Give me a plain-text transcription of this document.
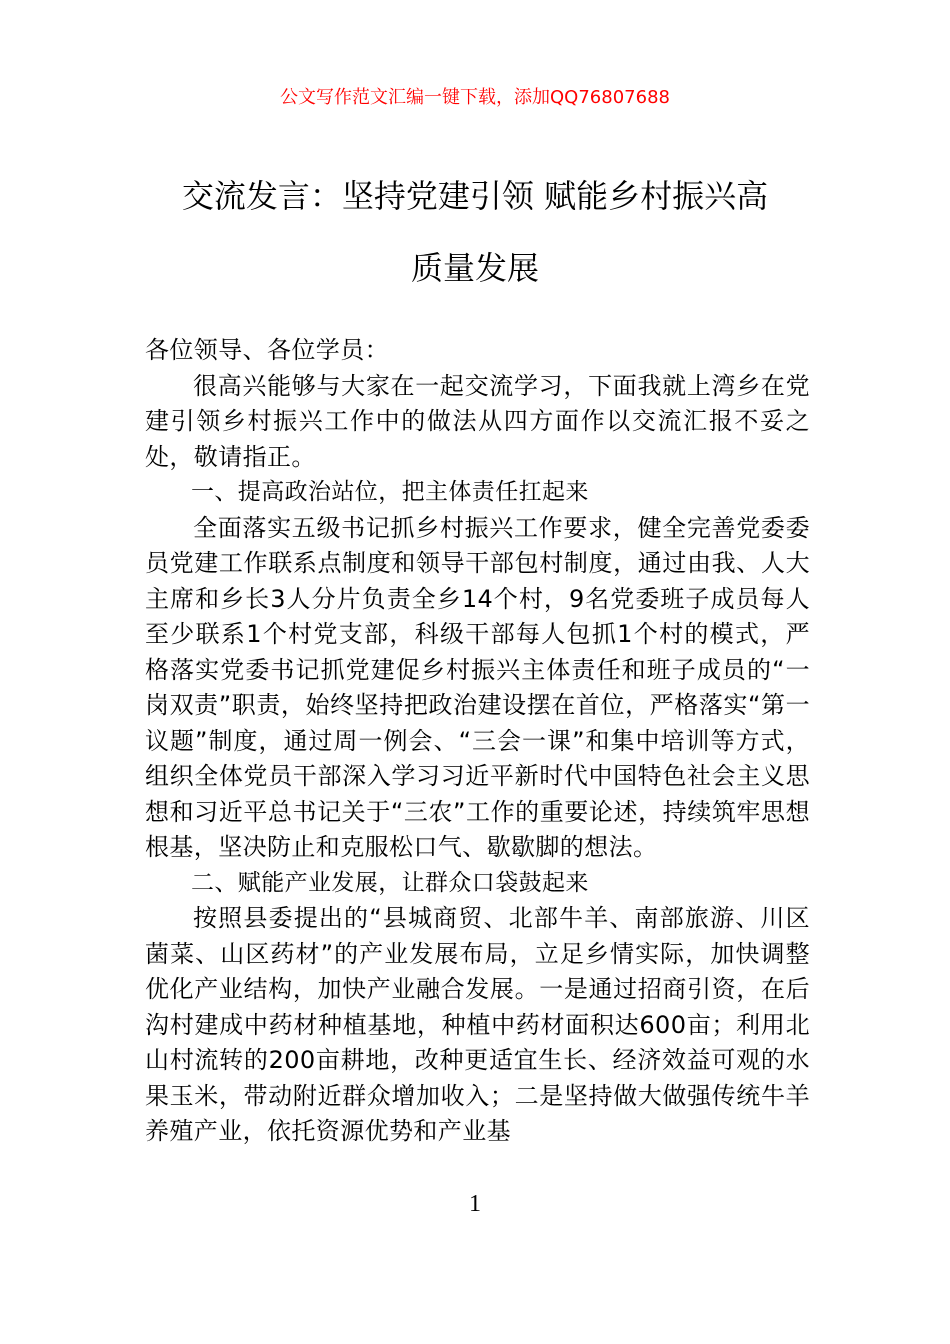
公文写作范文汇编一键下载，添加QQ76807688
交流发言：坚持党建引领 赋能乡村振兴高
质量发展

各位领导、各位学员：

很高兴能够与大家在一起交流学习，下面我就上湾乡在党建引领乡村振兴工作中的做法从四方面作以交流汇报不妥之处，敬请指正。

一、提高政治站位，把主体责任扛起来

全面落实五级书记抓乡村振兴工作要求，健全完善党委委员党建工作联系点制度和领导干部包村制度，通过由我、人大主席和乡长3人分片负责全乡14个村，9名党委班子成员每人至少联系1个村党支部，科级干部每人包抓1个村的模式，严格落实党委书记抓党建促乡村振兴主体责任和班子成员的“一岗双责”职责，始终坚持把政治建设摆在首位，严格落实“第一议题”制度，通过周一例会、“三会一课”和集中培训等方式，组织全体党员干部深入学习习近平新时代中国特色社会主义思想和习近平总书记关于“三农”工作的重要论述，持续筑牢思想根基，坚决防止和克服松口气、歇歇脚的想法。

二、赋能产业发展，让群众口袋鼓起来

按照县委提出的“县城商贸、北部牛羊、南部旅游、川区菌菜、山区药材”的产业发展布局，立足乡情实际，加快调整优化产业结构，加快产业融合发展。一是通过招商引资，在后沟村建成中药材种植基地，种植中药材面积达600亩；利用北山村流转的200亩耕地，改种更适宜生长、经济效益可观的水果玉米，带动附近群众增加收入；二是坚持做大做强传统牛羊养殖产业，依托资源优势和产业基

1
